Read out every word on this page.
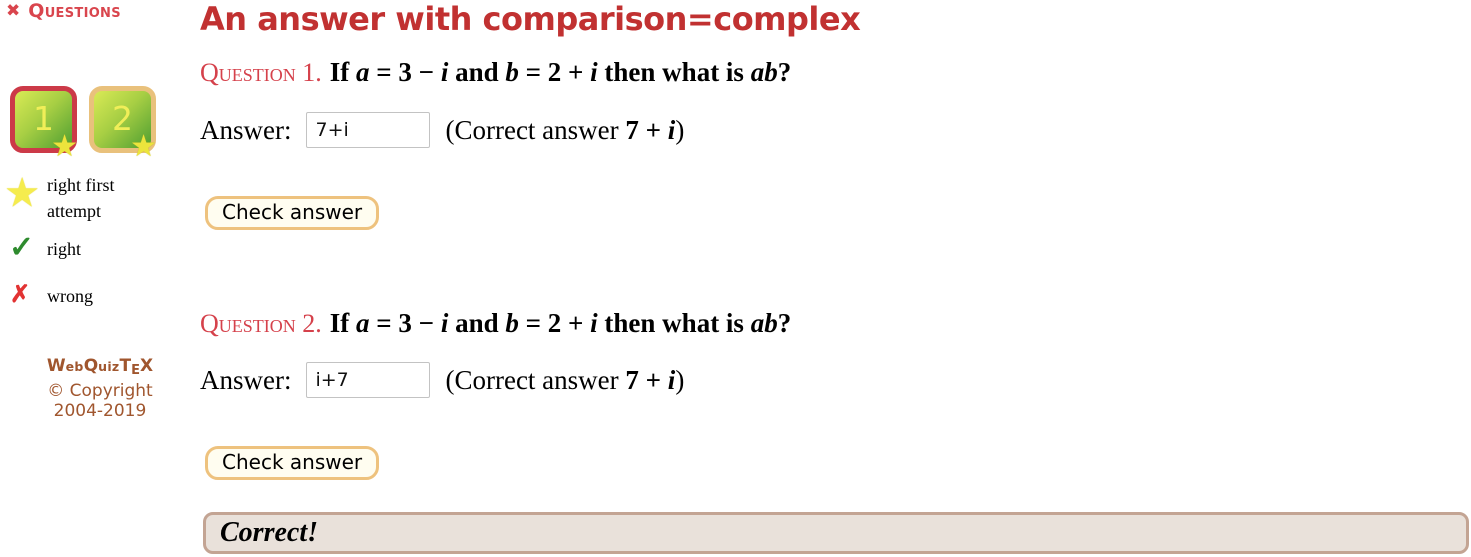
✖ Questions An answer with comparison=complex
1
★
2
★
★ right first attempt
✓ right
✗ wrong
WebQuizTEX
© Copyright
2004-2019
Question 1. If a = 3 − i and b = 2 + i then what is ab?
Answer:
7+i	(Correct answer 7 + i)
Check answer
Question 2. If a = 3 − i and b = 2 + i then what is ab?
Answer:
i+7	(Correct answer 7 + i)
Check answer
Correct!
